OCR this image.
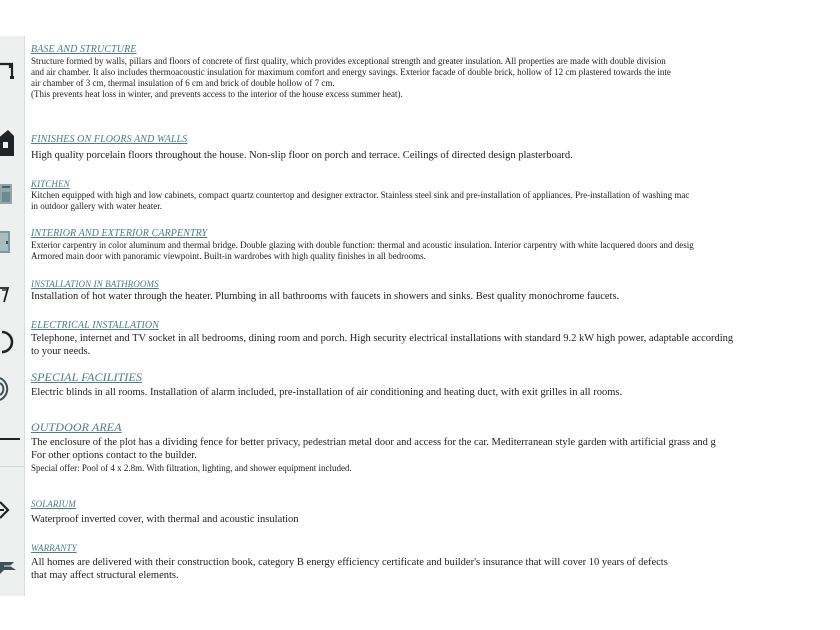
BASE AND STRUCTURE
Structure formed by walls, pillars and floors of concrete of first quality, which provides exceptional strength and greater insulation. All properties are made with double division
and air chamber. It also includes thermoacoustic insulation for maximum comfort and energy savings. Exterior facade of double brick, hollow of 12 cm plastered towards the inte
air chamber of 3 cm, thermal insulation of 6 cm and brick of double hollow of 7 cm.
(This prevents heat loss in winter, and prevents access to the interior of the house excess summer heat).
FINISHES ON FLOORS AND WALLS
High quality porcelain floors throughout the house. Non-slip floor on porch and terrace. Ceilings of directed design plasterboard.
KITCHEN
Kitchen equipped with high and low cabinets, compact quartz countertop and designer extractor. Stainless steel sink and pre-installation of appliances. Pre-installation of washing mac
in outdoor gallery with water heater.
INTERIOR AND EXTERIOR CARPENTRY
Exterior carpentry in color aluminum and thermal bridge. Double glazing with double function: thermal and acoustic insulation. Interior carpentry with white lacquered doors and desig
Armored main door with panoramic viewpoint. Built-in wardrobes with high quality finishes in all bedrooms.
INSTALLATION IN BATHROOMS
Installation of hot water through the heater. Plumbing in all bathrooms with faucets in showers and sinks. Best quality monochrome faucets.
ELECTRICAL INSTALLATION
Telephone, internet and TV socket in all bedrooms, dining room and porch. High security electrical installations with standard 9.2 kW high power, adaptable according
to your needs.
SPECIAL FACILITIES
Electric blinds in all rooms. Installation of alarm included, pre-installation of air conditioning and heating duct, with exit grilles in all rooms.
OUTDOOR AREA
The enclosure of the plot has a dividing fence for better privacy, pedestrian metal door and access for the car. Mediterranean style garden with artificial grass and g
For other options contact to the builder.
Special offer: Pool of 4 x 2.8m. With filtration, lighting, and shower equipment included.
SOLARIUM
Waterproof inverted cover, with thermal and acoustic insulation
WARRANTY
All homes are delivered with their construction book, category B energy efficiency certificate and builder's insurance that will cover 10 years of defects
that may affect structural elements.
